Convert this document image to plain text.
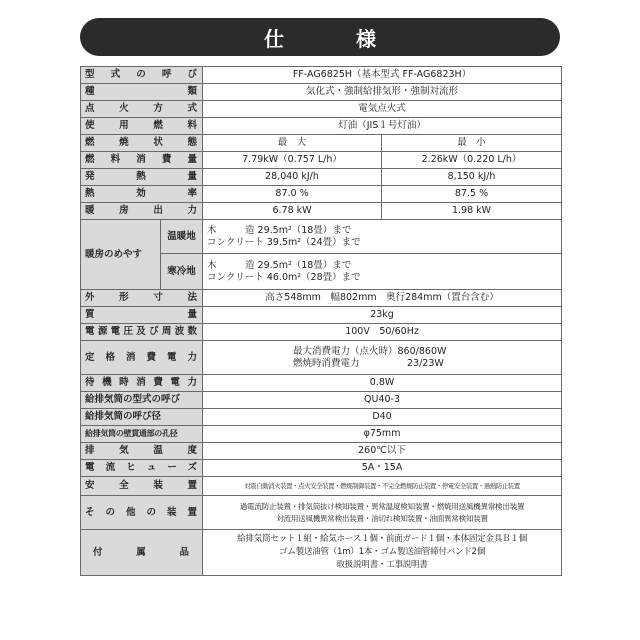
仕　様
型式の呼び		FF-AG6825H（基本型式 FF-AG6823H）	
種類		気化式・強制給排気形・強制対流形	
点火方式		電気点火式	
使用燃料		灯油（JIS１号灯油）	
燃焼状態		最　大	最　小
燃料消費量		7.79kW（0.757 L/h）	2.26kW（0.220 L/h）
発熱量		28,040 kJ/h	8,150 kJ/h
熱効率		87.0 %	87.5 %
暖房出力		6.78 kW	1.98 kW
暖房のめやす	温暖地	木　　　造 29.5m²（18畳）まで
コンクリート 39.5m²（24畳）まで	

	寒冷地	木　　　造 29.5m²（18畳）まで
コンクリート 46.0m²（28畳）まで	

外形寸法		高さ548mm　幅802mm　奥行284mm（置台含む）	
質量		23kg	
電源電圧及び周波数		100V　50/60Hz	
定格消費電力		最大消費電力（点火時）860/860W
燃焼時消費電力　　　　　23/23W	

待機時消費電力		0.8W	
給排気筒の型式の呼び		QU40-3	
給排気筒の呼び径		D40	
給排気筒の壁貫通部の孔径		φ75mm	
排気温度		260℃以下	
電流ヒューズ		5A・15A	
安全装置		対震自動消火装置・点火安全装置・燃焼制御装置・不完全燃焼防止装置・停電安全装置・過熱防止装置	
その他の装置		過電流防止装置・排気筒抜け検知装置・異常温度検知装置・燃焼用送風機異常検出装置
対流用送風機異常検出装置・油切れ検知装置・油面異常検知装置	

付属品		給排気筒セット１組・給気ホース１個・前面ガード１個・本体固定金具Ｂ１個
ゴム製送油管（1m）1本・ゴム製送油管締付バンド2個
取扱説明書・工事説明書	
